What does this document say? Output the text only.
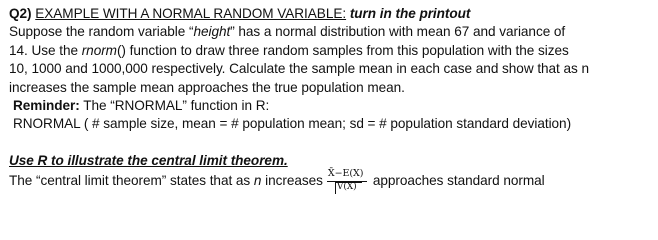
Q2) EXAMPLE WITH A NORMAL RANDOM VARIABLE: turn in the printout
Suppose the random variable “height” has a normal distribution with mean 67 and variance of
14. Use the rnorm() function to draw three random samples from this population with the sizes
10, 1000 and 1000,000 respectively. Calculate the sample mean in each case and show that as n
increases the sample mean approaches the true population mean.
Reminder: The “RNORMAL” function in R:
RNORMAL ( # sample size, mean = # population mean; sd = # population standard deviation)
Use R to illustrate the central limit theorem.
The “central limit theorem” states that as n increases $\frac{X̄-E(X)}{V(X)}$ approaches standard normal
